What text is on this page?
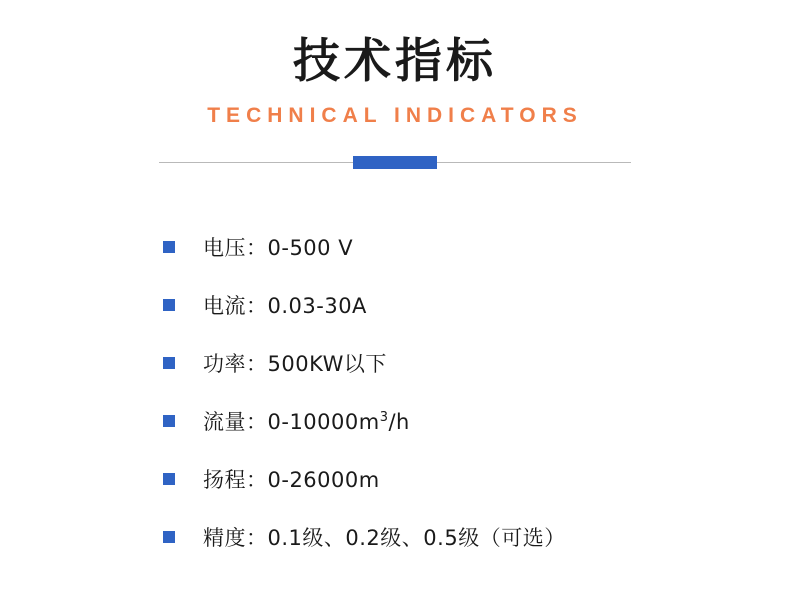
技术指标
TECHNICAL INDICATORS
电压：0-500 V
电流：0.03-30A
功率：500KW以下
流量：$0-10000m^3/h$
扬程：0-26000m
精度：0.1级、0.2级、0.5级（可选）
